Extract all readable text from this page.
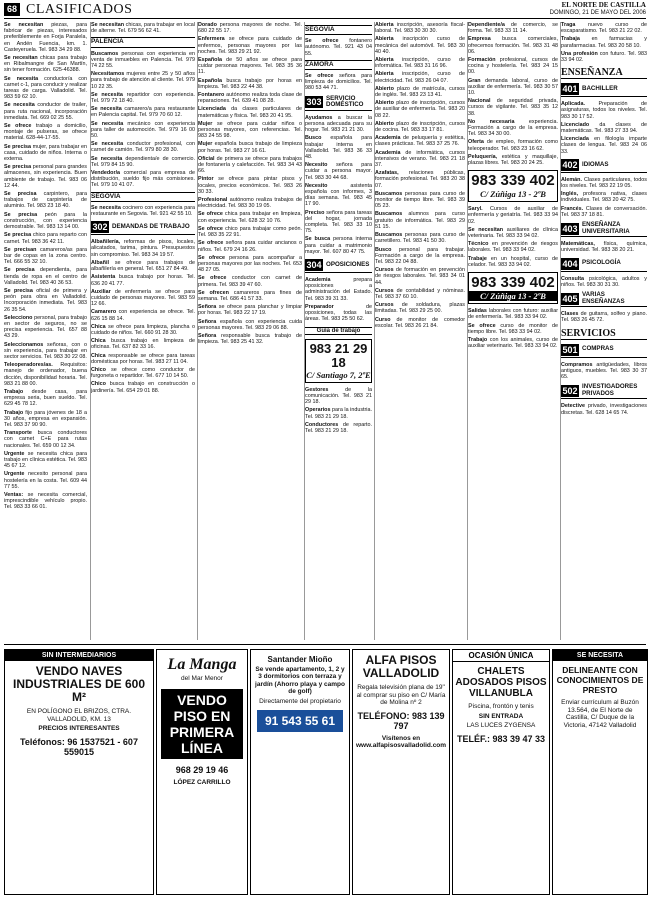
68 CLASIFICADOS	EL NORTE DE CASTILLA
DOMINGO, 21 DE MAYO DEL 2006

Se necesitan piezas, para fabricar de piezas, interesados preferiblemente en Forja Paralela, en Andén Fuencia, km. 1. Casteyeruela. Tel. 983 34 29 88.

Se necesitan chicas para trabajo en Ribalmangre de San Martín, sin tener formación. 625-46388.

Se necesita conductor/a con carnet c-1, para conducir y realizar tareas de carga. Valladolid. Tel. 983 59 62 10.

Se necesita conductor de trailer, para ruta nacional, incorporación inmediata. Tel. 669 02 25 55.

Se ofrece trabajo a domicilio, montaje de pulseras, se ofrece material. 628-44-17-55.

Se precisa mujer, para trabajar en casa, cuidado de niños. Interna o externa.

Se precisa personal para grandes almacenes, sin experiencia. Buen ambiente de trabajo. Tel. 983 06 12 44.

Se precisa carpintero, para trabajos de carpintería de aluminio. Tel. 983 23 18 40.

Se precisa peón para la construcción, con experiencia demostrable. Tel. 983 13 14 00.

Se precisa chico para reparto con carnet. Tel. 983 36 42 11.

Se precisan camareros/as para bar de copas en la zona centro. Tel. 666 55 32 10.

Se precisa dependienta, para tienda de ropa en el centro de Valladolid. Tel. 983 40 36 53.

Se precisa oficial de primera y peón para obra en Valladolid. Incorporación inmediata. Tel. 983 26 35 54.

Selecciono personal, para trabajo en sector de seguros, no se precisa experiencia. Tel. 657 88 43 29.

Seleccionamos señoras, con o sin experiencia, para trabajar en sector servicios. Tel. 983 30 22 08.

Teleoperadores/as. Requisitos: manejo de ordenador, buena dicción, disponibilidad horaria. Tel. 983 21 88 00.

Trabajo desde casa, para empresa seria, buen sueldo. Tel. 629 45 78 12.

Trabajo fijo para jóvenes de 18 a 30 años, empresa en expansión. Tel. 983 37 90 90.

Transporte busca conductores con carnet C+E para rutas nacionales. Tel. 659 00 12 34.

Urgente se necesita chica para trabajo en clínica estética. Tel. 983 45 67 12.

Urgente necesito personal para hostelería en la costa. Tel. 609 44 77 55.

Ventas: se necesita comercial, imprescindible vehículo propio. Tel. 983 33 66 01.

Se necesitan chicas, para trabajar en local de alterne. Tel. 679 56 62 41.

PALENCIA

Buscamos personas con experiencia en venta de inmuebles en Palencia. Tel. 979 74 22 55.

Necesitamos mujeres entre 25 y 50 años para trabajo de atención al cliente. Tel. 979 10 22 35.

Se necesita repartidor con experiencia. Tel. 979 72 18 40.

Se necesita camarero/a para restaurante en Palencia capital. Tel. 979 70 60 12.

Se necesita mecánico con experiencia para taller de automoción. Tel. 979 16 00 50.

Se necesita conductor profesional, con carnet de camión. Tel. 979 80 28 30.

Se necesita dependienta/e de comercio. Tel. 979 84 15 90.

Vendedor/a comercial para empresa de distribución, sueldo fijo más comisiones. Tel. 979 10 41 07.

SEGOVIA

Se necesita cocinero con experiencia para restaurante en Segovia. Tel. 921 42 55 10.

302 DEMANDAS DE TRABAJO

Albañilería, reformas de pisos, locales, alicatados, tarima, pintura. Presupuestos sin compromiso. Tel. 983 34 19 57.

Albañil se ofrece para trabajos de albañilería en general. Tel. 651 27 84 49.

Asistenta busca trabajo por horas. Tel. 636 20 41 77.

Auxiliar de enfermería se ofrece para cuidado de personas mayores. Tel. 983 59 12 66.

Camarero con experiencia se ofrece. Tel. 626 15 88 14.

Chica se ofrece para limpieza, plancha o cuidado de niños. Tel. 660 91 28 30.

Chica busca trabajo en limpieza de oficinas. Tel. 637 82 33 16.

Chica responsable se ofrece para tareas domésticas por horas. Tel. 983 27 11 04.

Chico se ofrece como conductor de furgoneta o repartidor. Tel. 677 10 14 50.

Chico busca trabajo en construcción o jardinería. Tel. 654 29 01 88.

Dorado persona mayores de noche. Tel. 680 22 55 17.

Enfermera se ofrece para cuidado de enfermos, personas mayores por las noches. Tel. 983 29 21 92.

Española de 50 años se ofrece para cuidar personas mayores. Tel. 983 35 36 11.

Española busca trabajo por horas en limpieza. Tel. 983 22 44 38.

Fontanero autónomo realiza toda clase de reparaciones. Tel. 639 41 08 28.

Licenciada da clases particulares de matemáticas y física. Tel. 983 20 41 95.

Mujer se ofrece para cuidar niños o personas mayores, con referencias. Tel. 983 24 55 98.

Mujer española busca trabajo de limpieza por horas. Tel. 983 27 16 61.

Oficial de primera se ofrece para trabajos de fontanería y calefacción. Tel. 983 34 43 66.

Pintor se ofrece para pintar pisos y locales, precios económicos. Tel. 983 26 30 33.

Profesional autónomo realiza trabajos de electricidad. Tel. 983 30 19 05.

Se ofrece chica para trabajar en limpieza, con experiencia. Tel. 628 32 10 76.

Se ofrece chico para trabajar como peón. Tel. 983 35 22 91.

Se ofrece señora para cuidar ancianos o niños. Tel. 679 24 16 26.

Se ofrece persona para acompañar a personas mayores por las noches. Tel. 653 48 27 05.

Se ofrece conductor con carnet de primera. Tel. 983 39 47 60.

Se ofrecen camareros para fines de semana. Tel. 686 41 57 33.

Señora se ofrece para planchar y limpiar por horas. Tel. 983 22 17 19.

Señora española con experiencia cuida personas mayores. Tel. 983 29 06 88.

Señora responsable busca trabajo de limpieza. Tel. 983 25 41 32.

SEGOVIA

Se ofrece fontanero autónomo. Tel. 921 43 04 55.

ZAMORA

Se ofrece señora para limpieza de domicilios. Tel. 980 53 44 71.

303 SERVICIO DOMÉSTICO

Ayudamos a buscar la persona adecuada para su hogar. Tel. 983 21 21 30.

Busco española para trabajar interna en Valladolid. Tel. 983 36 33 48.

Necesito señora para cuidar a persona mayor. Tel. 983 30 44 68.

Necesito asistenta española con informes, 3 días semana. Tel. 983 45 17 90.

Preciso señora para tareas del hogar, jornada completa. Tel. 983 33 10 75.

Se busca persona interna para cuidar a matrimonio mayor. Tel. 607 80 47 75.

304 OPOSICIONES

Academia prepara oposiciones a administración del Estado. Tel. 983 39 31 33.

Preparador de oposiciones, todas las áreas. Tel. 983 25 50 62.

Guía de trabajo
983 21 29 18
C/ Santiago 7, 2ºE

Gestores de la comunicación. Tel. 983 21 29 18.

Operarios para la industria. Tel. 983 21 29 18.

Conductores de reparto. Tel. 983 21 29 18.

Abierta inscripción, asesoría fiscal-laboral. Tel. 983 30 30 30.

Abierta inscripción curso de mecánica del automóvil. Tel. 983 30 40 40.

Abierta inscripción, curso de informática. Tel. 983 31 16 96.

Abierta inscripción, curso de electricidad. Tel. 983 26 04 07.

Abierto plazo de matrícula, cursos de inglés. Tel. 983 23 13 41.

Abierto plazo de inscripción, cursos de auxiliar de enfermería. Tel. 983 20 08 22.

Abierto plazo de inscripción, cursos de cocina. Tel. 983 33 17 81.

Academia de peluquería y estética, clases prácticas. Tel. 983 37 25 76.

Academia de informática, cursos intensivos de verano. Tel. 983 21 18 37.

Azafatas, relaciones públicas, formación profesional. Tel. 983 20 38 07.

Buscamos personas para curso de monitor de tiempo libre. Tel. 983 39 05 23.

Buscamos alumnos para curso gratuito de informática. Tel. 983 29 51 15.

Buscamos personas para curso de carretillero. Tel. 983 41 50 30.

Busco personal para trabajar. Formación a cargo de la empresa. Tel. 983 22 04 88.

Cursos de formación en prevención de riesgos laborales. Tel. 983 34 01 44.

Cursos de contabilidad y nóminas. Tel. 983 37 60 10.

Cursos de soldadura, plazas limitadas. Tel. 983 29 25 00.

Curso de monitor de comedor escolar. Tel. 983 26 21 84.

Dependiente/a de comercio, se forma. Tel. 983 33 11 14.

Empresa busca comerciales, ofrecemos formación. Tel. 983 31 48 06.

Formación profesional, cursos de cocina y hostelería. Tel. 983 24 15 00.

Gran demanda laboral, curso de auxiliar de enfermería. Tel. 983 30 57 10.

Nacional de seguridad privada, cursos de vigilante. Tel. 983 35 12 38.

No necesaria experiencia. Formación a cargo de la empresa. Tel. 983 34 30 00.

Oferta de empleo, formación como teleoperador. Tel. 983 23 16 62.

Peluquería, estética y maquillaje, plazas libres. Tel. 983 20 24 25.

983 339 402
C/ Zúñiga 13 - 2ºB

Saryl. Cursos de auxiliar de enfermería y geriatría. Tel. 983 33 94 02.

Se necesitan auxiliares de clínica veterinaria. Tel. 983 33 94 02.

Técnico en prevención de riesgos laborales. Tel. 983 33 94 02.

Trabaje en un hospital, curso de celador. Tel. 983 33 94 02.

983 339 402
C/ Zúñiga 13 - 2ºB

Salidas laborales con futuro: auxiliar de enfermería. Tel. 983 33 94 02.

Se ofrece curso de monitor de tiempo libre. Tel. 983 33 94 02.

Trabajo con los animales, curso de auxiliar veterinario. Tel. 983 33 94 02.

Traga nuevo curso de escaparatismo. Tel. 983 21 22 02.

Trabaja en farmacias y parafarmacias. Tel. 983 20 58 10.

Una profesión con futuro. Tel. 983 33 94 02.

ENSEÑANZA
401 BACHILLER

Aplicada. Preparación de asignaturas, todos los niveles. Tel. 983 30 17 52.

Licenciado da clases de matemáticas. Tel. 983 27 33 94.

Licenciada en filología imparte clases de lengua. Tel. 983 24 06 33.

402 IDIOMAS

Alemán. Clases particulares, todos los niveles. Tel. 983 22 19 05.

Inglés, profesora nativa, clases individuales. Tel. 983 20 42 75.

Francés. Clases de conversación. Tel. 983 37 18 81.

403 ENSEÑANZA UNIVERSITARIA

Matemáticas, física, química, universidad. Tel. 983 38 20 21.

404 PSICOLOGÍA

Consulta psicológica, adultos y niños. Tel. 983 30 31 30.

405 VARIAS ENSEÑANZAS

Clases de guitarra, solfeo y piano. Tel. 983 26 45 72.

SERVICIOS
501 COMPRAS

Compramos antigüedades, libros antiguos, muebles. Tel. 983 30 37 65.

502 INVESTIGADORES PRIVADOS

Detective privado, investigaciones discretas. Tel. 628 14 65 74.

SIN INTERMEDIARIOS
VENDO NAVES INDUSTRIALES DE 600 M²
EN POLÍGONO EL BRIZOS, CTRA. VALLADOLID, KM. 13
PRECIOS INTERESANTES
Teléfonos: 96 1537521 - 607 559015
La Manga
del Mar Menor
VENDO PISO EN PRIMERA LÍNEA
968 29 19 46
LÓPEZ CARRILLO
Santander Mioño
Se vende apartamento, 1, 2 y 3 dormitorios con terraza y jardín (Ahorro playa y campo de golf)
Directamente del propietario
91 543 55 61
ALFA PISOS VALLADOLID
Regala televisión plana de 19" al comprar su piso en C/ María de Molina nº 2
TELÉFONO: 983 139 797
Visítenos en www.alfapisosvalladolid.com
OCASIÓN ÚNICA
CHALETS ADOSADOS PISOS VILLANUBLA
Piscina, frontón y tenis
SIN ENTRADA
LAS LUCES ZYGENSA
TELÉF.: 983 39 47 33
SE NECESITA
DELINEANTE CON CONOCIMIENTOS DE PRESTO
Enviar currículum al Buzón 13.564, de El Norte de Castilla, C/ Duque de la Victoria, 47142 Valladolid
